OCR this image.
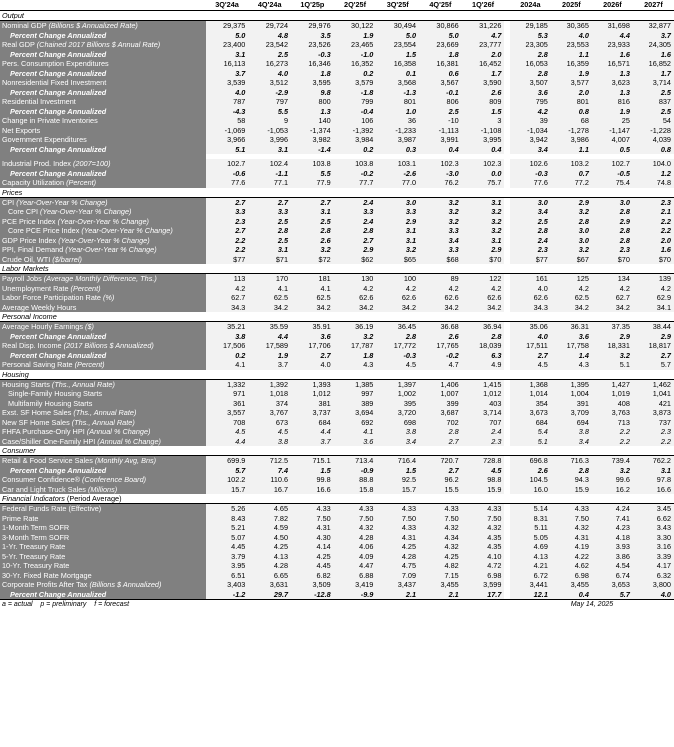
	3Q'24a	4Q'24a	1Q'25p	2Q'25f	3Q'25f	4Q'25f	1Q'26f		2024a	2025f	2026f	2027f
Output												
Nominal GDP (Billions $ Annualized Rate)	29,375	29,724	29,976	30,122	30,494	30,866	31,226		29,185	30,365	31,698	32,877
Percent Change Annualized	5.0	4.8	3.5	1.9	5.0	5.0	4.7		5.3	4.0	4.4	3.7
Real GDP (Chained 2017 Billions $ Annual Rate)	23,400	23,542	23,526	23,465	23,554	23,669	23,777		23,305	23,553	23,933	24,305
Percent Change Annualized	3.1	2.5	-0.3	-1.0	1.5	1.8	2.0		2.8	1.1	1.6	1.6
Pers. Consumption Expenditures	16,113	16,273	16,346	16,352	16,358	16,381	16,452		16,053	16,359	16,571	16,852
Percent Change Annualized	3.7	4.0	1.8	0.2	0.1	0.6	1.7		2.8	1.9	1.3	1.7
Nonresidential Fixed Investment	3,539	3,512	3,595	3,579	3,568	3,567	3,590		3,507	3,577	3,623	3,714
Percent Change Annualized	4.0	-2.9	9.8	-1.8	-1.3	-0.1	2.6		3.6	2.0	1.3	2.5
Residential Investment	787	797	800	799	801	806	809		795	801	816	837
Percent Change Annualized	-4.3	5.5	1.3	-0.4	1.0	2.5	1.5		4.2	0.8	1.9	2.5
Change in Private Inventories	58	9	140	106	36	-10	3		39	68	25	54
Net Exports	-1,069	-1,053	-1,374	-1,392	-1,233	-1,113	-1,108		-1,034	-1,278	-1,147	-1,228
Government Expenditures	3,966	3,996	3,982	3,984	3,987	3,991	3,995		3,942	3,986	4,007	4,039
Percent Change Annualized	5.1	3.1	-1.4	0.2	0.3	0.4	0.4		3.4	1.1	0.5	0.8

Industrial Prod. Index (2007=100)	102.7	102.4	103.8	103.8	103.1	102.3	102.3		102.6	103.2	102.7	104.0
Percent Change Annualized	-0.6	-1.1	5.5	-0.2	-2.6	-3.0	0.0		-0.3	0.7	-0.5	1.2
Capacity Utilization (Percent)	77.6	77.1	77.9	77.7	77.0	76.2	75.7		77.6	77.2	75.4	74.8
Prices												
CPI (Year-Over-Year % Change)	2.7	2.7	2.7	2.4	3.0	3.2	3.1		3.0	2.9	3.0	2.3
Core CPI (Year-Over-Year % Change)	3.3	3.3	3.1	3.3	3.3	3.2	3.2		3.4	3.2	2.8	2.1
PCE Price Index (Year-Over-Year % Change)	2.3	2.5	2.5	2.4	2.9	3.2	3.2		2.5	2.8	2.9	2.2
Core PCE Price Index (Year-Over-Year % Change)	2.7	2.8	2.8	2.8	3.1	3.3	3.2		2.8	3.0	2.8	2.2
GDP Price Index (Year-Over-Year % Change)	2.2	2.5	2.6	2.7	3.1	3.4	3.1		2.4	3.0	2.8	2.0
PPI, Final Demand (Year-Over-Year % Change)	2.2	3.1	3.2	2.9	3.2	3.3	2.9		2.3	3.2	2.3	1.6
Crude Oil, WTI ($/barrel)	$77	$71	$72	$62	$65	$68	$70		$77	$67	$70	$70
Labor Markets												
Payroll Jobs (Average Monthly Difference, Ths.)	113	170	181	130	100	89	122		161	125	134	139
Unemployment Rate (Percent)	4.2	4.1	4.1	4.2	4.2	4.2	4.2		4.0	4.2	4.2	4.2
Labor Force Participation Rate (%)	62.7	62.5	62.5	62.6	62.6	62.6	62.6		62.6	62.5	62.7	62.9
Average Weekly Hours	34.3	34.2	34.2	34.2	34.2	34.2	34.2		34.3	34.2	34.2	34.1
Personal Income												
Average Hourly Earnings ($)	35.21	35.59	35.91	36.19	36.45	36.68	36.94		35.06	36.31	37.35	38.44
Percent Change Annualized	3.8	4.4	3.6	3.2	2.8	2.6	2.8		4.0	3.6	2.9	2.9
Real Disp. Income (2017 Billions $ Annualized)	17,506	17,589	17,706	17,787	17,772	17,765	18,039		17,511	17,758	18,331	18,817
Percent Change Annualized	0.2	1.9	2.7	1.8	-0.3	-0.2	6.3		2.7	1.4	3.2	2.7
Personal Saving Rate (Percent)	4.1	3.7	4.0	4.3	4.5	4.7	4.9		4.5	4.3	5.1	5.7
Housing												
Housing Starts (Ths., Annual Rate)	1,332	1,392	1,393	1,385	1,397	1,406	1,415		1,368	1,395	1,427	1,462
Single-Family Housing Starts	971	1,018	1,012	997	1,002	1,007	1,012		1,014	1,004	1,019	1,041
Multifamily Housing Starts	361	374	381	389	395	399	403		354	391	408	421
Exst. SF Home Sales (Ths., Annual Rate)	3,557	3,767	3,737	3,694	3,720	3,687	3,714		3,673	3,709	3,763	3,873
New SF Home Sales (Ths., Annual Rate)	708	673	684	692	698	702	707		684	694	713	737
FHFA Purchase-Only HPI (Annual % Change)	4.5	4.5	4.4	4.1	3.8	2.8	2.4		5.4	3.8	2.2	2.3
Case/Shiller One-Family HPI (Annual % Change)	4.4	3.8	3.7	3.6	3.4	2.7	2.3		5.1	3.4	2.2	2.2
Consumer												
Retail & Food Service Sales (Monthly Avg, Bns)	699.9	712.5	715.1	713.4	716.4	720.7	728.8		696.8	716.3	739.4	762.2
Percent Change Annualized	5.7	7.4	1.5	-0.9	1.5	2.7	4.5		2.6	2.8	3.2	3.1
Consumer Confidence® (Conference Board)	102.2	110.6	99.8	88.8	92.5	96.2	98.8		104.5	94.3	99.6	97.8
Car and Light Truck Sales (Millions)	15.7	16.7	16.6	15.8	15.7	15.5	15.9		16.0	15.9	16.2	16.6
Financial Indicators (Period Average)												
Federal Funds Rate (Effective)	5.26	4.65	4.33	4.33	4.33	4.33	4.33		5.14	4.33	4.24	3.45
Prime Rate	8.43	7.82	7.50	7.50	7.50	7.50	7.50		8.31	7.50	7.41	6.62
1-Month Term SOFR	5.21	4.59	4.31	4.32	4.33	4.32	4.32		5.11	4.32	4.23	3.43
3-Month Term SOFR	5.07	4.50	4.30	4.28	4.31	4.34	4.35		5.05	4.31	4.18	3.30
1-Yr. Treasury Rate	4.45	4.25	4.14	4.06	4.25	4.32	4.35		4.69	4.19	3.93	3.16
5-Yr. Treasury Rate	3.79	4.13	4.25	4.09	4.28	4.25	4.10		4.13	4.22	3.86	3.39
10-Yr. Treasury Rate	3.95	4.28	4.45	4.47	4.75	4.82	4.72		4.21	4.62	4.54	4.17
30-Yr. Fixed Rate Mortgage	6.51	6.65	6.82	6.88	7.09	7.15	6.98		6.72	6.98	6.74	6.32
Corporate Profits After Tax (Billions $ Annualized)	3,403	3,631	3,509	3,419	3,437	3,455	3,599		3,441	3,455	3,653	3,800
Percent Change Annualized	-1.2	29.7	-12.8	-9.9	2.1	2.1	17.7		12.1	0.4	5.7	4.0
a = actual    p = preliminary    f = forecast									May 14, 2025			
